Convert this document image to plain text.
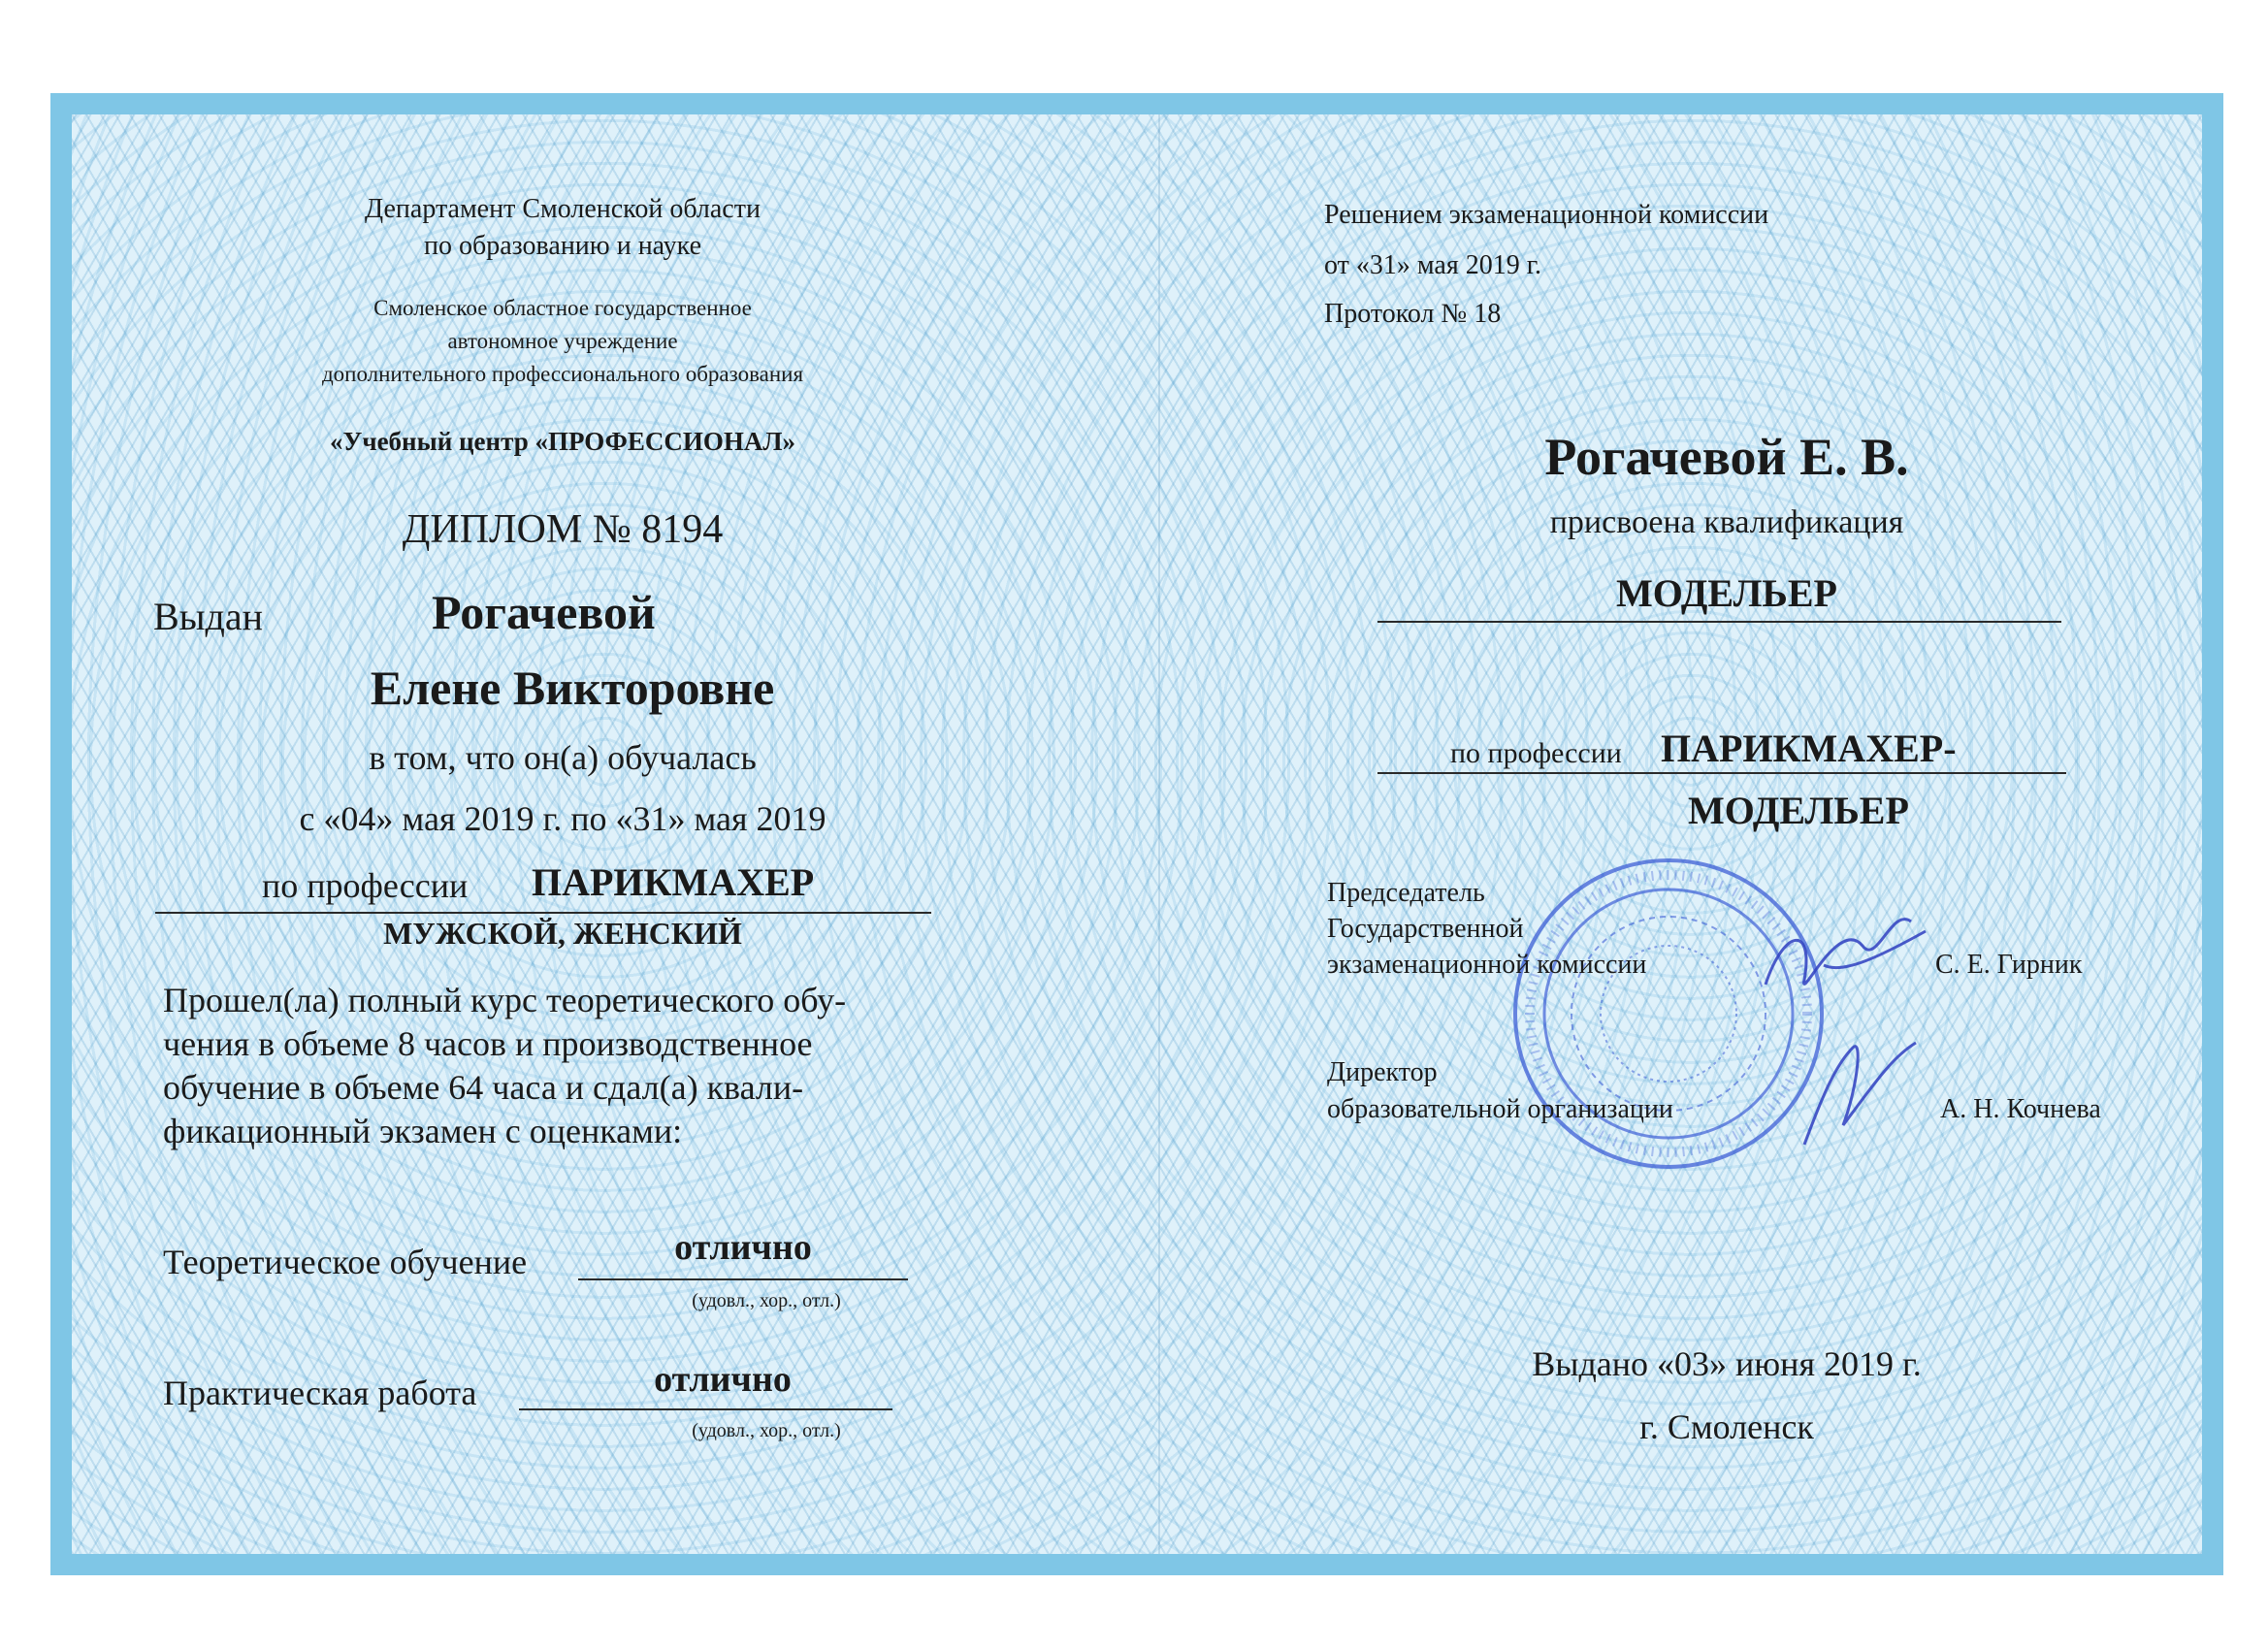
Департамент Смоленской области
по образованию и науке
Смоленское областное государственное
автономное учреждение
дополнительного профессионального образования
«Учебный центр «ПРОФЕССИОНАЛ»
ДИПЛОМ № 8194
Выдан	Рогачевой
Елене Викторовне
в том, что он(а) обучалась
с «04» мая 2019 г. по «31» мая 2019
по профессии ПАРИКМАХЕР
МУЖСКОЙ, ЖЕНСКИЙ
Прошел(ла) полный курс теоретического обу-
чения в объеме 8 часов и производственное
обучение в объеме 64 часа и сдал(а) квали-
фикационный экзамен с оценками:
Теоретическое обучение	отлично
(удовл., хор., отл.)
Практическая работа	отлично
(удовл., хор., отл.)
Решением экзаменационной комиссии
от «31» мая 2019 г.
Протокол № 18
Рогачевой Е. В.
присвоена квалификация
МОДЕЛЬЕР
по профессии ПАРИКМАХЕР-
МОДЕЛЬЕР
Председатель
Государственной
экзаменационной комиссии	С. Е. Гирник
Директор
образовательной организации	А. Н. Кочнева
Выдано «03» июня 2019 г.
г. Смоленск
